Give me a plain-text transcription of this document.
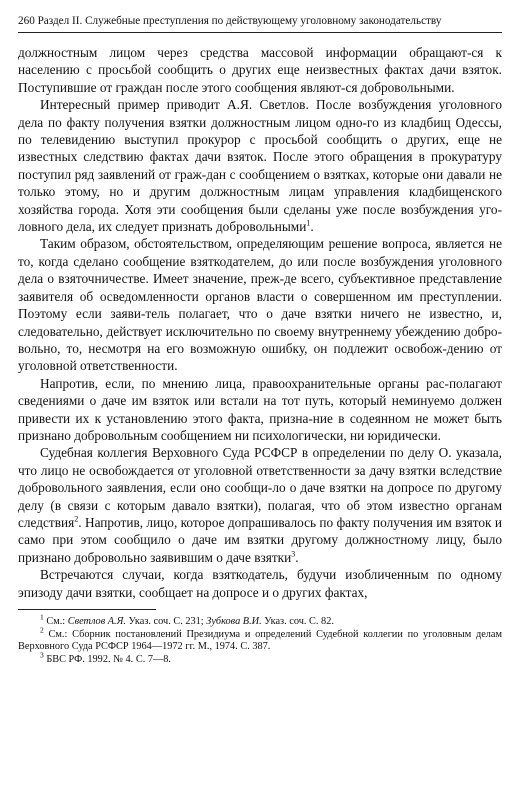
260 Раздел II. Служебные преступления по действующему уголовному законодательству

должностным лицом через средства массовой информации обращают-ся к населению с просьбой сообщить о других еще неизвестных фактах дачи взяток. Поступившие от граждан после этого сообщения являют-ся добровольными.

Интересный пример приводит А.Я. Светлов. После возбуждения уголовного дела по факту получения взятки должностным лицом одно-го из кладбищ Одессы, по телевидению выступил прокурор с просьбой сообщить о других, еще не известных следствию фактах дачи взяток. После этого обращения в прокуратуру поступил ряд заявлений от граж-дан с сообщением о взятках, которые они давали не только этому, но и другим должностным лицам управления кладбищенского хозяйства города. Хотя эти сообщения были сделаны уже после возбуждения уго-ловного дела, их следует признать добровольными$^1$.

Таким образом, обстоятельством, определяющим решение вопроса, является не то, когда сделано сообщение взяткодателем, до или после возбуждения уголовного дела о взяточничестве. Имеет значение, преж-де всего, субъективное представление заявителя об осведомленности органов власти о совершенном им преступлении. Поэтому если заяви-тель полагает, что о даче взятки ничего не известно, и, следовательно, действует исключительно по своему внутреннему убеждению добро-вольно, то, несмотря на его возможную ошибку, он подлежит освобож-дению от уголовной ответственности.

Напротив, если, по мнению лица, правоохранительные органы рас-полагают сведениями о даче им взяток или встали на тот путь, который неминуемо должен привести их к установлению этого факта, призна-ние в содеянном не может быть признано добровольным сообщением ни психологически, ни юридически.

Судебная коллегия Верховного Суда РСФСР в определении по делу О. указала, что лицо не освобождается от уголовной ответственности за дачу взятки вследствие добровольного заявления, если оно сообщи-ло о даче взятки на допросе по другому делу (в связи с которым давало взятки), полагая, что об этом известно органам следствия$^2$. Напротив, лицо, которое допрашивалось по факту получения им взяток и само при этом сообщило о даче им взятки другому должностному лицу, было признано добровольно заявившим о даче взятки$^3$.

Встречаются случаи, когда взяткодатель, будучи изобличенным по одному эпизоду дачи взятки, сообщает на допросе и о других фактах,

$^1$ См.: Светлов А.Я. Указ. соч. С. 231; Зубкова В.И. Указ. соч. С. 82.

$^2$ См.: Сборник постановлений Президиума и определений Судебной коллегии по уголовным делам Верховного Суда РСФСР 1964—1972 гг. М., 1974. С. 387.

$^3$ БВС РФ. 1992. № 4. С. 7—8.
